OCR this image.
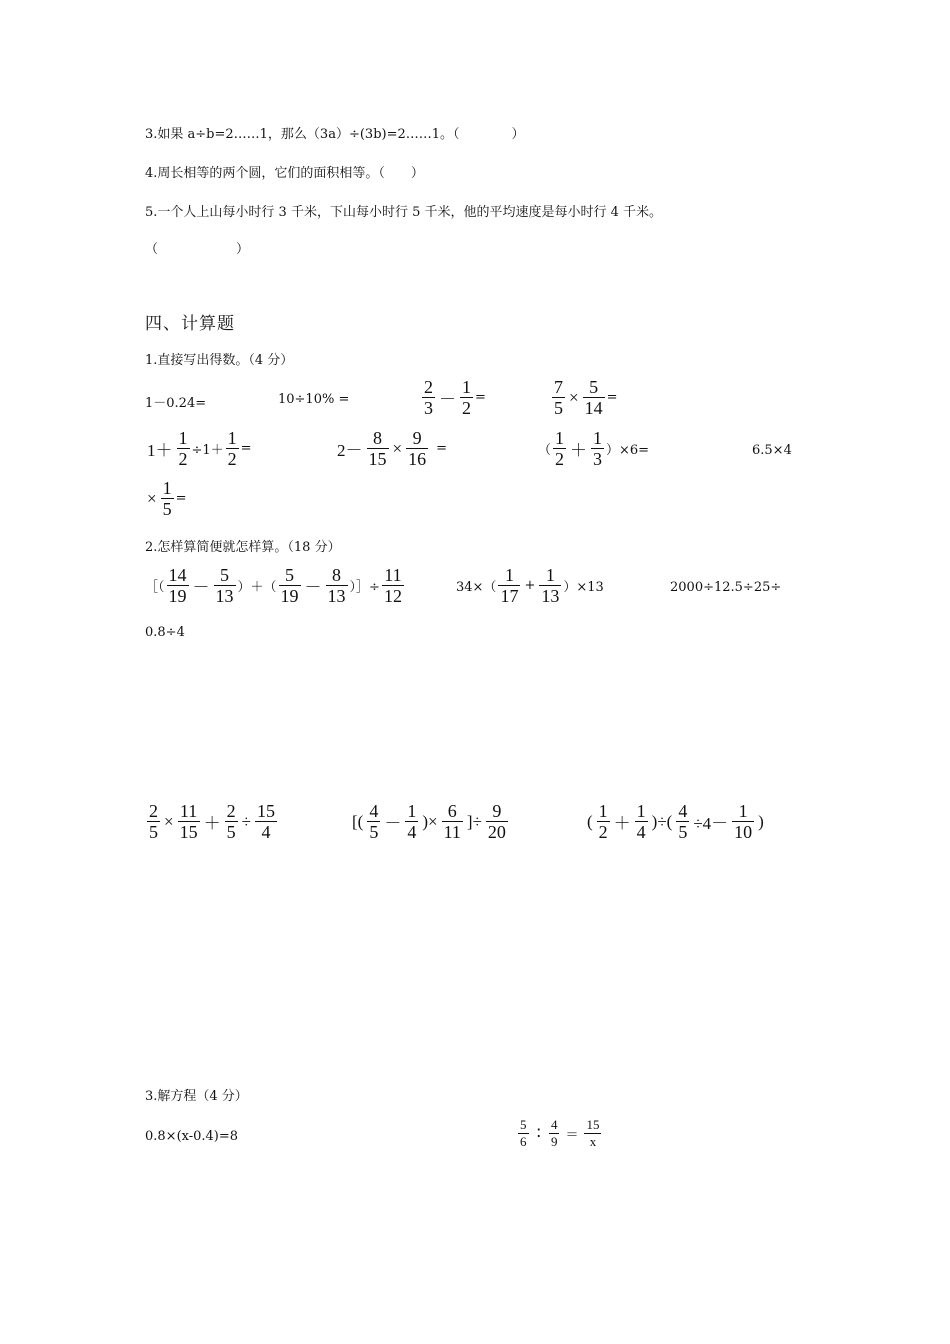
3.如果 a÷b=2……1，那么（3a）÷(3b)=2……1。（　　　　）
4.周长相等的两个圆，它们的面积相等。（　　）
5.一个人上山每小时行 3 千米，下山每小时行 5 千米，他的平均速度是每小时行 4 千米。
（　　　　　　）
四、计算题
1.直接写出得数。（4 分）
1－0.24=	10÷10% =	$\frac{2}{3} - \frac{1}{2}$ =	$\frac{7}{5} \times \frac{5}{14}$ =
$1+ \frac{1}{2} \div 1+ \frac{1}{2}$ =	$2- \frac{8}{15} \times \frac{9}{16}$ =	（ $\frac{1}{2} + \frac{1}{3} )\times 6=$	6.5×4
× $\frac{1}{5}$ =
2.怎样算简便就怎样算。（18 分）
［（ $\frac{14}{19} - \frac{5}{13}$ ）＋（ $\frac{5}{19} - \frac{8}{13}$ ）］÷ $\frac{11}{12}$	$34\times( \frac{1}{17} + \frac{1}{13} )\times 13$	2000÷12.5÷25÷
0.8÷4
$\frac{2}{5} \times \frac{11}{15} + \frac{2}{5} \div \frac{15}{4}$	[( $\frac{4}{5} - \frac{1}{4}$ )× $\frac{6}{11}$ ]÷ $\frac{9}{20}$	( $\frac{1}{2} + \frac{1}{4}$ )÷( $\frac{4}{5} \div 4- \frac{1}{10}$ )
3.解方程（4 分）
0.8×(x-0.4)=8	$\frac{5}{6}$ ∶ $\frac{4}{9} = \frac{15}{x}$
